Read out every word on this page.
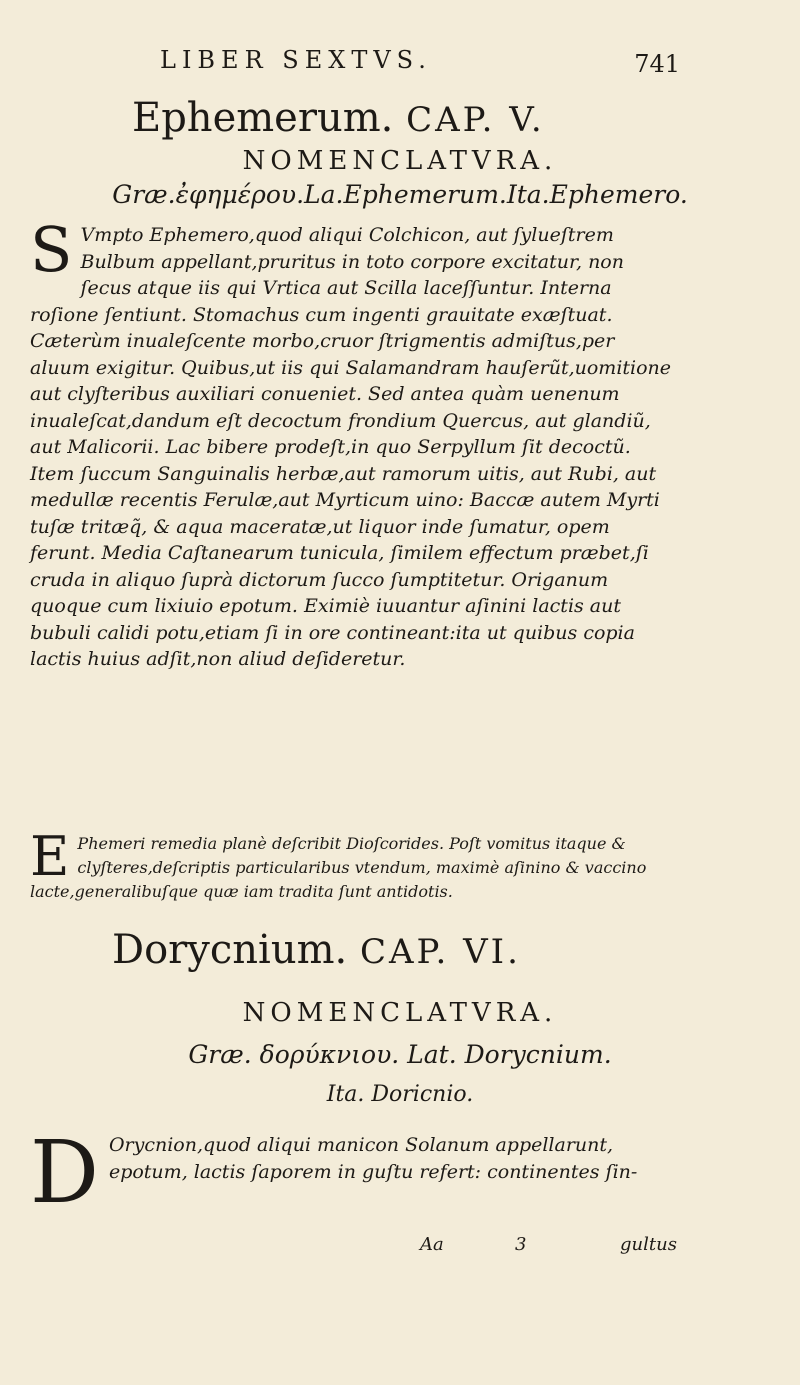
LIBER SEXTVS.	741
Ephemerum. CAP. V.
NOMENCLATVRA.
Græ.ἐφημέρου.La.Ephemerum.Ita.Ephemero.

S Vmpto Ephemero,quod aliqui Colchicon, aut ſylueſtrem Bulbum appellant,pruritus in toto corpore excitatur, non ſecus atque iis qui Vrtica aut Scilla laceſſuntur. Interna roſione ſentiunt. Stomachus cum ingenti grauitate exæſtuat. Cæterùm inualeſcente morbo,cruor ſtrigmentis admiſtus,per aluum exigitur. Quibus,ut iis qui Salamandram hauſerũt,uomitione aut clyſteribus auxiliari conueniet. Sed antea quàm uenenum inualeſcat,dandum eſt decoctum frondium Quercus, aut glandiũ, aut Malicorii. Lac bibere prodeſt,in quo Serpyllum ſit decoctũ. Item ſuccum Sanguinalis herbæ,aut ramorum uitis, aut Rubi, aut medullæ recentis Ferulæ,aut Myrticum uino: Baccæ autem Myrti tuſæ tritæq̃, & aqua maceratæ,ut liquor inde ſumatur, opem ferunt. Media Caſtanearum tunicula, ſimilem effectum præbet,ſi cruda in aliquo ſuprà dictorum ſucco ſumptitetur. Origanum quoque cum lixiuio epotum. Eximiè iuuantur aſinini lactis aut bubuli calidi potu,etiam ſi in ore contineant:ita ut quibus copia lactis huius adſit,non aliud deſideretur.

E Phemeri remedia planè deſcribit Dioſcorides. Poſt vomitus itaque & clyſteres,deſcriptis particularibus vtendum, maximè aſinino & vaccino lacte,generalibuſque quæ iam tradita ſunt antidotis.

Dorycnium. CAP. VI.
NOMENCLATVRA.
Græ. δορύκνιου. Lat. Dorycnium.
Ita. Doricnio.

D Orycnion,quod aliqui manicon Solanum appellarunt, epotum, lactis ſaporem in guſtu refert: continentes ſin-

Aa	3	gultus
